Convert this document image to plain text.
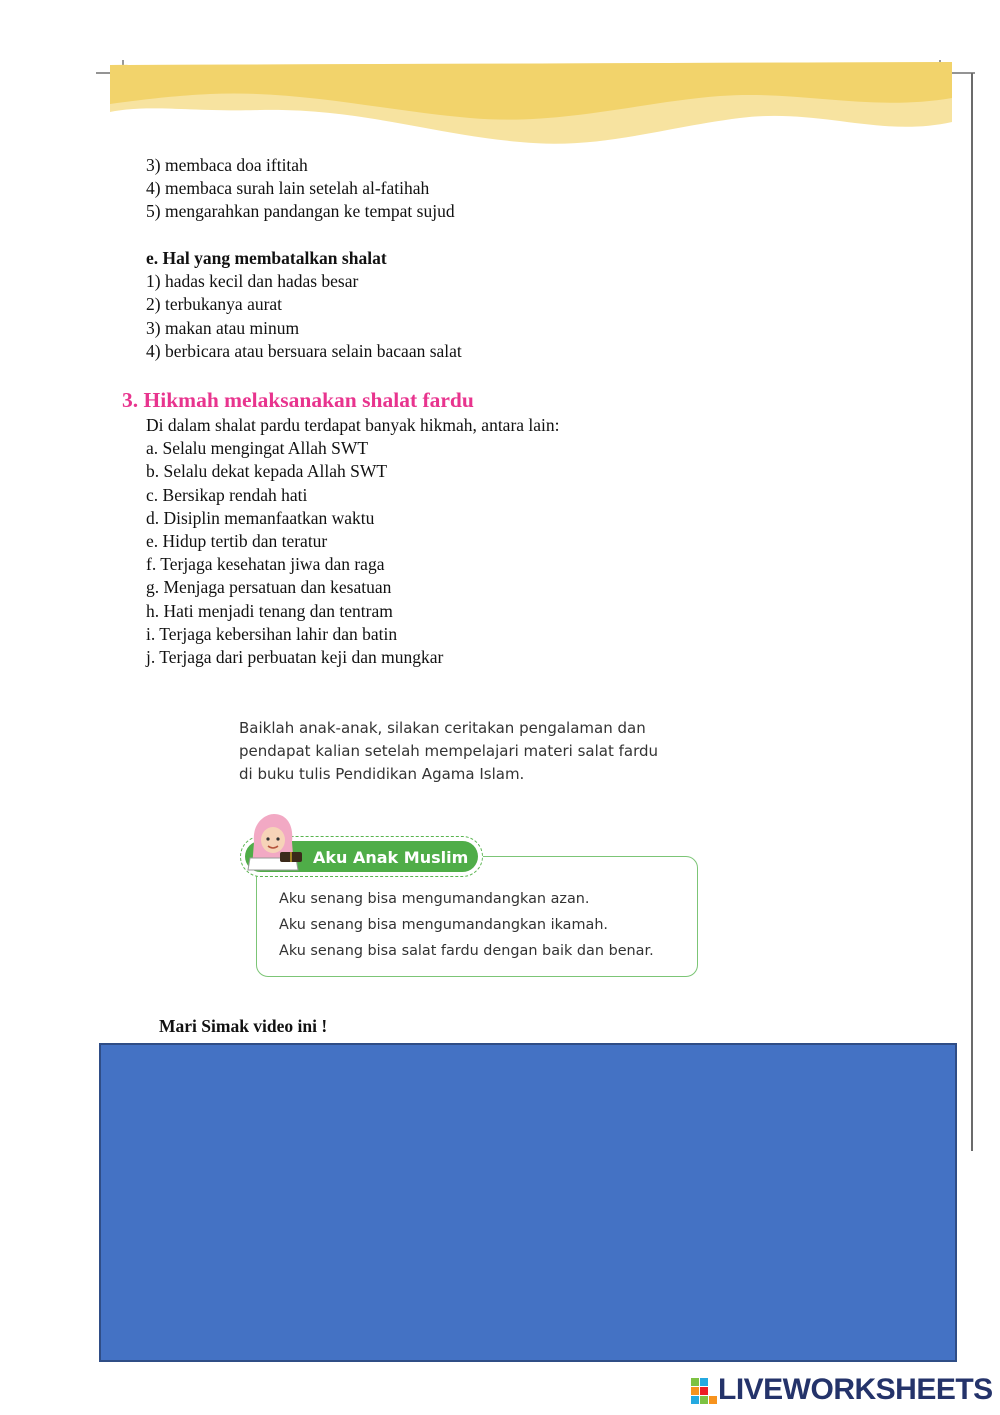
3) membaca doa iftitah
4) membaca surah lain setelah al-fatihah
5) mengarahkan pandangan ke tempat sujud
e. Hal yang membatalkan shalat
1) hadas kecil dan hadas besar
2) terbukanya aurat
3) makan atau minum
4) berbicara atau bersuara selain bacaan salat
3. Hikmah melaksanakan shalat fardu
Di dalam shalat pardu terdapat banyak hikmah, antara lain:
a. Selalu mengingat Allah SWT
b. Selalu dekat kepada Allah SWT
c. Bersikap rendah hati
d. Disiplin memanfaatkan waktu
e. Hidup tertib dan teratur
f. Terjaga kesehatan jiwa dan raga
g. Menjaga persatuan dan kesatuan
h. Hati menjadi tenang dan tentram
i. Terjaga kebersihan lahir dan batin
j. Terjaga dari perbuatan keji dan mungkar
Baiklah anak-anak, silakan ceritakan pengalaman dan
pendapat kalian setelah mempelajari materi salat fardu
di buku tulis Pendidikan Agama Islam.
Aku senang bisa mengumandangkan azan.
Aku senang bisa mengumandangkan ikamah.
Aku senang bisa salat fardu dengan baik dan benar.
Aku Anak Muslim
Mari Simak video ini !
LIVEWORKSHEETS
